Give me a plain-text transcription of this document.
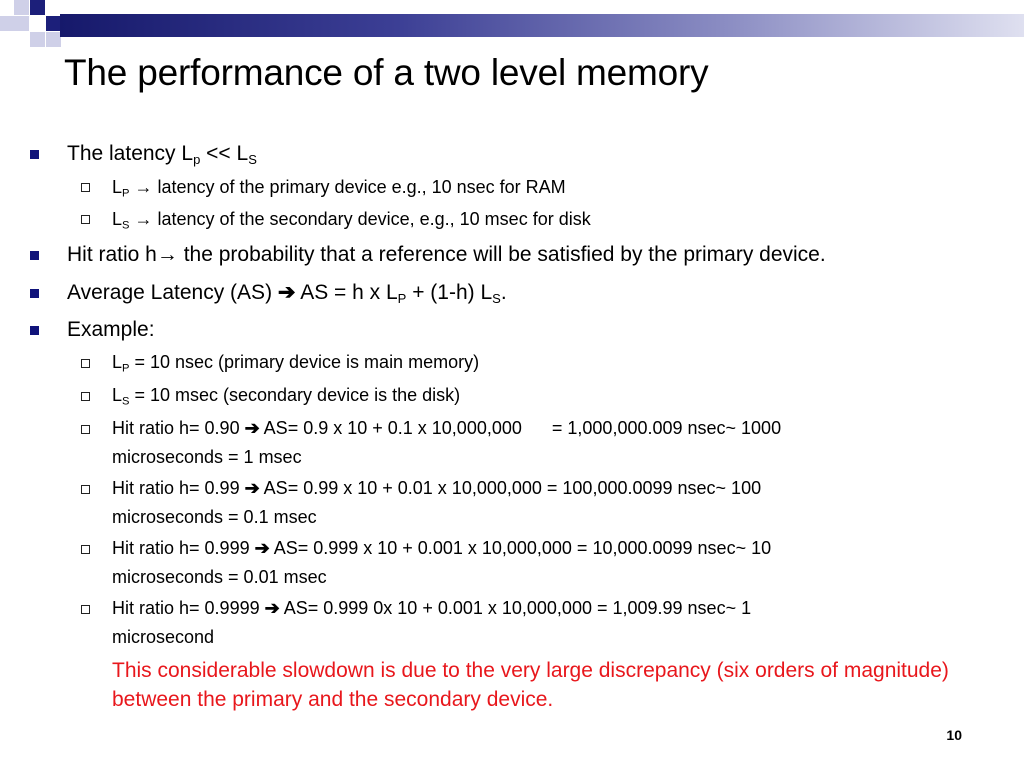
The performance of a two level memory
The latency $L_p << L_S$
$L_P$ → latency of the primary device e.g., 10 nsec for RAM
$L_S$ → latency of the secondary device, e.g., 10 msec for disk
Hit ratio h→ the probability that a reference will be satisfied by the primary device.
Average Latency (AS) ➔ AS = h x $L_P + (1-h)$ $L_S$.
Example:
$L_P = 10$ nsec (primary device is main memory)
$L_S = 10$ msec (secondary device is the disk)
Hit ratio h= 0.90 ➔ AS= 0.9 x 10 + 0.1 x 10,000,000      = 1,000,000.009 nsec~ 1000
microseconds = 1 msec
Hit ratio h= 0.99 ➔ AS= 0.99 x 10 + 0.01 x 10,000,000 = 100,000.0099 nsec~ 100
microseconds = 0.1 msec
Hit ratio h= 0.999 ➔ AS= 0.999 x 10 + 0.001 x 10,000,000 = 10,000.0099 nsec~ 10
microseconds = 0.01 msec
Hit ratio h= 0.9999 ➔ AS= 0.999 0x 10 + 0.001 x 10,000,000 = 1,009.99 nsec~ 1
microsecond
This considerable slowdown is due to the very large discrepancy (six orders of magnitude) between the primary and the secondary device.
10
